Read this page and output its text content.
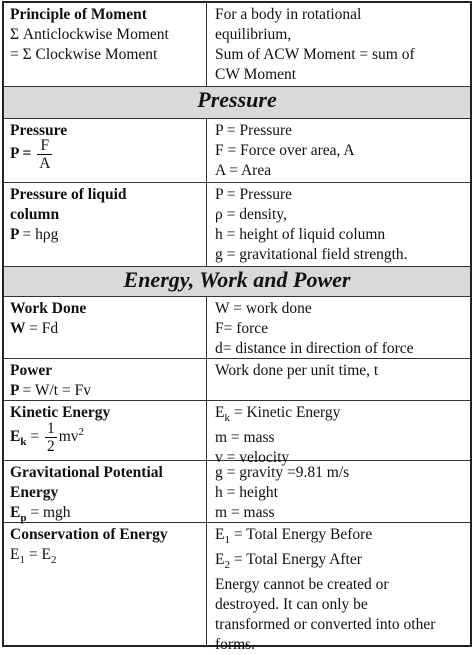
Principle of Moment
Σ Anticlockwise Moment
= Σ Clockwise Moment
For a body in rotational
equilibrium,
Sum of ACW Moment = sum of
CW Moment
Pressure
Pressure
$P = \frac{F}{A}$
P = Pressure
F = Force over area, A
A = Area
Pressure of liquid
column
P = hρg
P = Pressure
ρ = density,
h = height of liquid column
g = gravitational field strength.
Energy, Work and Power
Work Done
W = Fd
W = work done
F= force
d= distance in direction of force
Power
P = W/t = Fv
Work done per unit time, t
Kinetic Energy
$E_k = \frac{1}{2} mv^2$
$E_k$ = Kinetic Energy
m = mass
v = velocity
Gravitational Potential
Energy
$E_p$ = mgh
g = gravity =9.81 m/s
h = height
m = mass
Conservation of Energy
$E_1 = E_2$
$E_1$ = Total Energy Before
$E_2$ = Total Energy After
Energy cannot be created or
destroyed. It can only be
transformed or converted into other
forms.
